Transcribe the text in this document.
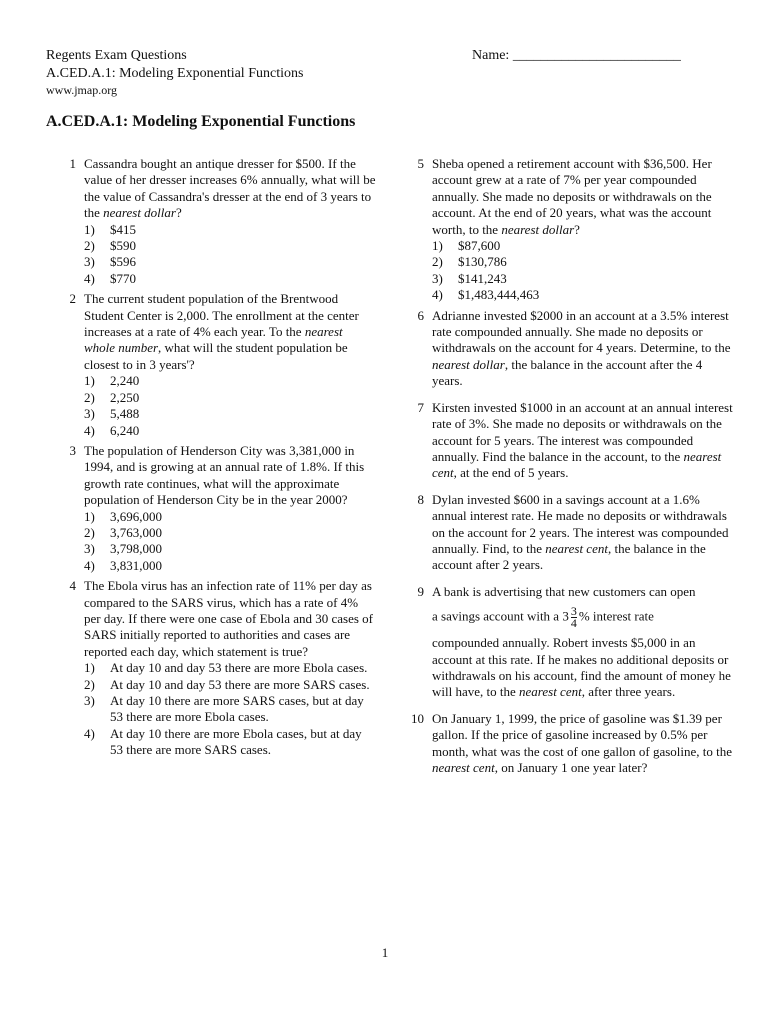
Regents Exam Questions
A.CED.A.1: Modeling Exponential Functions
www.jmap.org
Name: ________________________
A.CED.A.1: Modeling Exponential Functions
1 Cassandra bought an antique dresser for $500. If the value of her dresser increases 6% annually, what will be the value of Cassandra's dresser at the end of 3 years to the nearest dollar?
1) $415
2) $590
3) $596
4) $770
2 The current student population of the Brentwood Student Center is 2,000. The enrollment at the center increases at a rate of 4% each year. To the nearest whole number, what will the student population be closest to in 3 years'?
1) 2,240
2) 2,250
3) 5,488
4) 6,240
3 The population of Henderson City was 3,381,000 in 1994, and is growing at an annual rate of 1.8%. If this growth rate continues, what will the approximate population of Henderson City be in the year 2000?
1) 3,696,000
2) 3,763,000
3) 3,798,000
4) 3,831,000
4 The Ebola virus has an infection rate of 11% per day as compared to the SARS virus, which has a rate of 4% per day. If there were one case of Ebola and 30 cases of SARS initially reported to authorities and cases are reported each day, which statement is true?
1) At day 10 and day 53 there are more Ebola cases.
2) At day 10 and day 53 there are more SARS cases.
3) At day 10 there are more SARS cases, but at day 53 there are more Ebola cases.
4) At day 10 there are more Ebola cases, but at day 53 there are more SARS cases.
5 Sheba opened a retirement account with $36,500. Her account grew at a rate of 7% per year compounded annually. She made no deposits or withdrawals on the account. At the end of 20 years, what was the account worth, to the nearest dollar?
1) $87,600
2) $130,786
3) $141,243
4) $1,483,444,463
6 Adrianne invested $2000 in an account at a 3.5% interest rate compounded annually. She made no deposits or withdrawals on the account for 4 years. Determine, to the nearest dollar, the balance in the account after the 4 years.
7 Kirsten invested $1000 in an account at an annual interest rate of 3%. She made no deposits or withdrawals on the account for 5 years. The interest was compounded annually. Find the balance in the account, to the nearest cent, at the end of 5 years.
8 Dylan invested $600 in a savings account at a 1.6% annual interest rate. He made no deposits or withdrawals on the account for 2 years. The interest was compounded annually. Find, to the nearest cent, the balance in the account after 2 years.
9 A bank is advertising that new customers can open
a savings account with a $3 \frac{3}{4}$ % interest rate
compounded annually. Robert invests $5,000 in an account at this rate. If he makes no additional deposits or withdrawals on his account, find the amount of money he will have, to the nearest cent, after three years.
10 On January 1, 1999, the price of gasoline was $1.39 per gallon. If the price of gasoline increased by 0.5% per month, what was the cost of one gallon of gasoline, to the nearest cent, on January 1 one year later?
1
